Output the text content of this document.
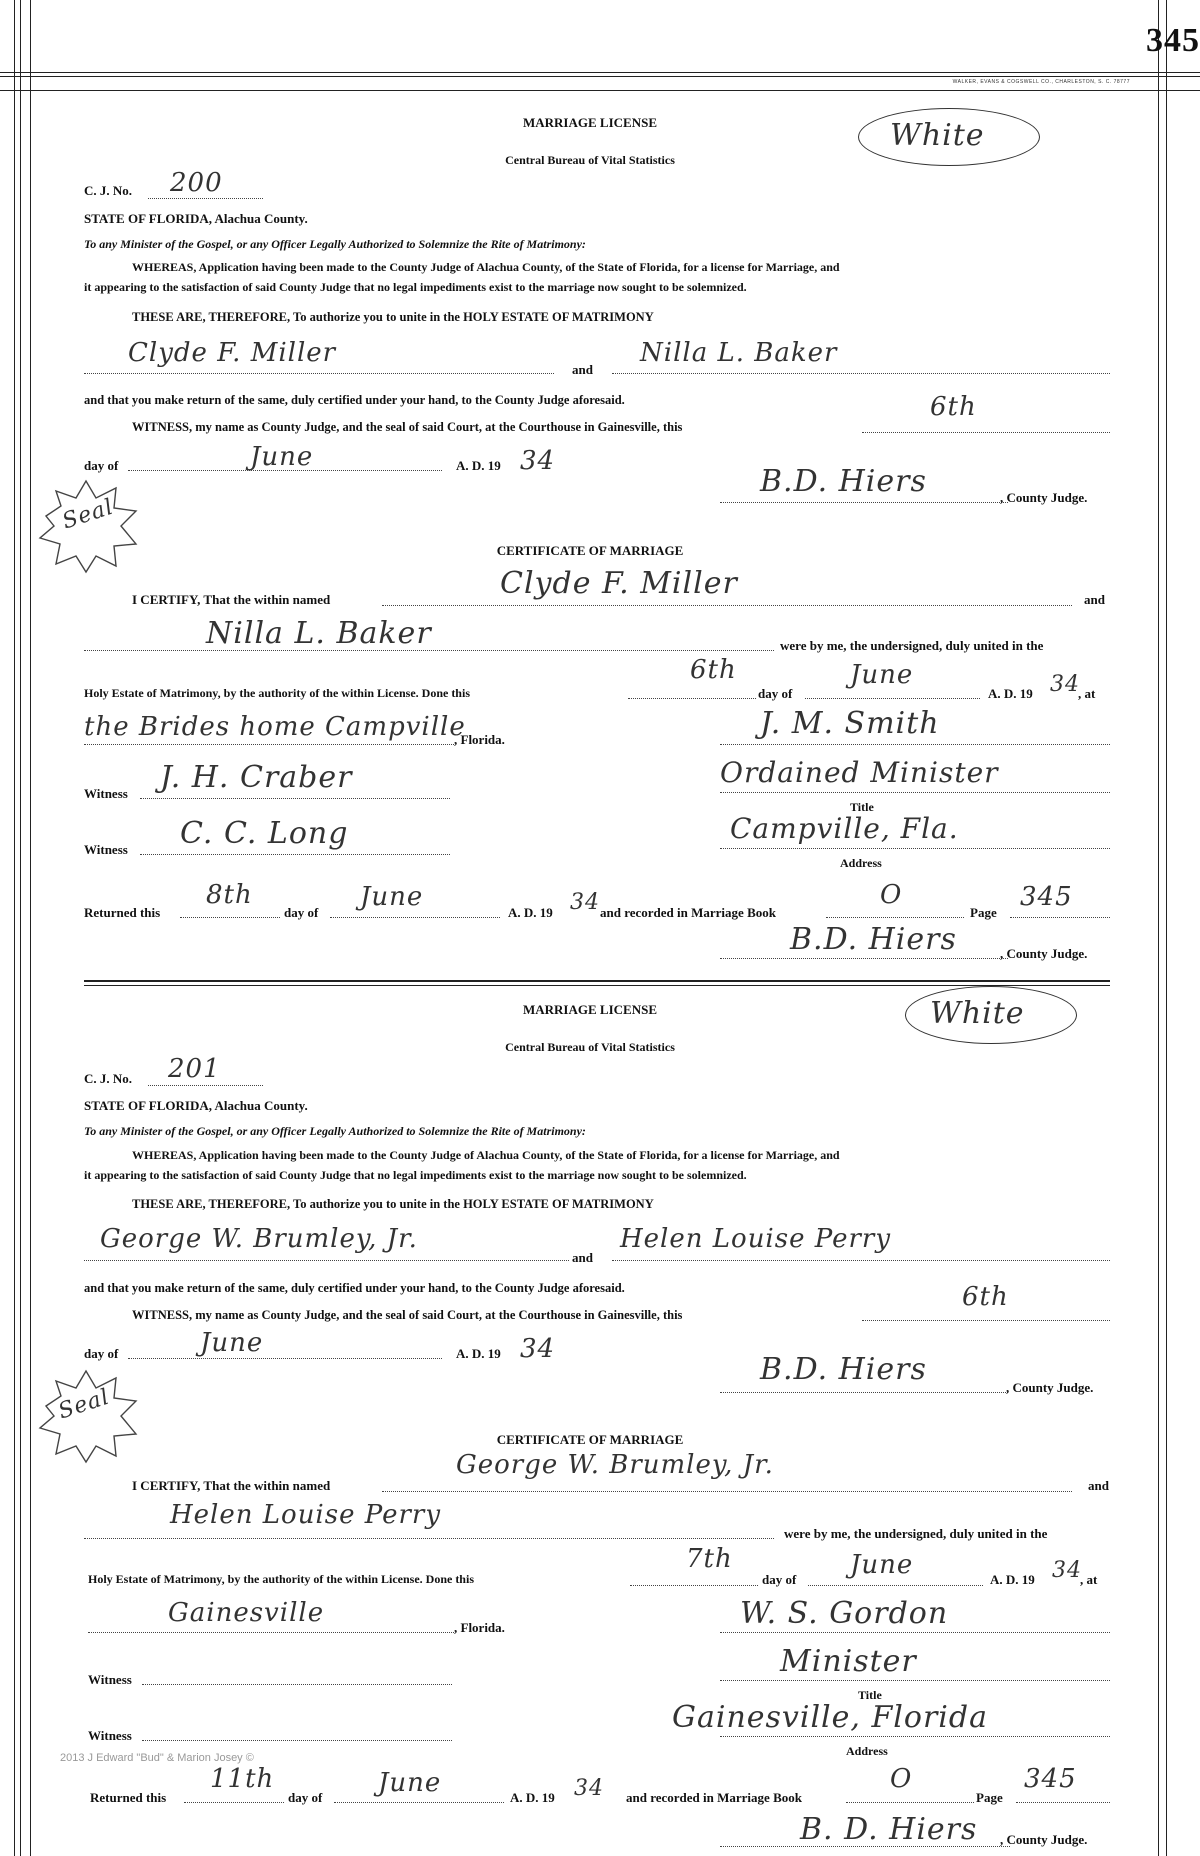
345
WALKER, EVANS & COGSWELL CO., CHARLESTON, S. C. 78777
White
MARRIAGE LICENSE
Central Bureau of Vital Statistics
C. J. No. 200
STATE OF FLORIDA, Alachua County.
To any Minister of the Gospel, or any Officer Legally Authorized to Solemnize the Rite of Matrimony:
WHEREAS, Application having been made to the County Judge of Alachua County, of the State of Florida, for a license for Marriage, and
it appearing to the satisfaction of said County Judge that no legal impediments exist to the marriage now sought to be solemnized.
THESE ARE, THEREFORE, To authorize you to unite in the HOLY ESTATE OF MATRIMONY
Clyde F. Miller
and
Nilla L. Baker
and that you make return of the same, duly certified under your hand, to the County Judge aforesaid.
WITNESS, my name as County Judge, and the seal of said Court, at the Courthouse in Gainesville, this
6th
day of	June	A. D. 19 34
B.D. Hiers	, County Judge.
Seal
CERTIFICATE OF MARRIAGE
I CERTIFY, That the within named	Clyde F. Miller	and
Nilla L. Baker	were by me, the undersigned, duly united in the
Holy Estate of Matrimony, by the authority of the within License. Done this
6th
day of
June
A. D. 19 34
, at
the Brides home Campville
, Florida.	J. M. Smith
Witness J. H. Craber	Ordained Minister
Title
Witness C. C. Long	Campville, Fla.
Address
Returned this
8th
day of
June
A. D. 19 34 and recorded in Marriage Book
O
Page
345
B.D. Hiers	, County Judge.
White
MARRIAGE LICENSE
Central Bureau of Vital Statistics
C. J. No. 201
STATE OF FLORIDA, Alachua County.
To any Minister of the Gospel, or any Officer Legally Authorized to Solemnize the Rite of Matrimony:
WHEREAS, Application having been made to the County Judge of Alachua County, of the State of Florida, for a license for Marriage, and
it appearing to the satisfaction of said County Judge that no legal impediments exist to the marriage now sought to be solemnized.
THESE ARE, THEREFORE, To authorize you to unite in the HOLY ESTATE OF MATRIMONY
George W. Brumley, Jr.
and
Helen Louise Perry
and that you make return of the same, duly certified under your hand, to the County Judge aforesaid.
WITNESS, my name as County Judge, and the seal of said Court, at the Courthouse in Gainesville, this
6th
day of	June	A. D. 19 34
B.D. Hiers
, County Judge.
Seal
CERTIFICATE OF MARRIAGE
I CERTIFY, That the within named
George W. Brumley, Jr.
and
Helen Louise Perry
were by me, the undersigned, duly united in the
Holy Estate of Matrimony, by the authority of the within License. Done this
7th
day of June	A. D. 19 34
, at
Gainesville	, Florida.	W. S. Gordon
Witness
Minister
Title
Witness
Gainesville, Florida
Address
2013 J Edward "Bud" & Marion Josey ©
Returned this
11th
day of June	A. D. 19 34 and recorded in Marriage Book
O
Page
345
B. D. Hiers , County Judge.
